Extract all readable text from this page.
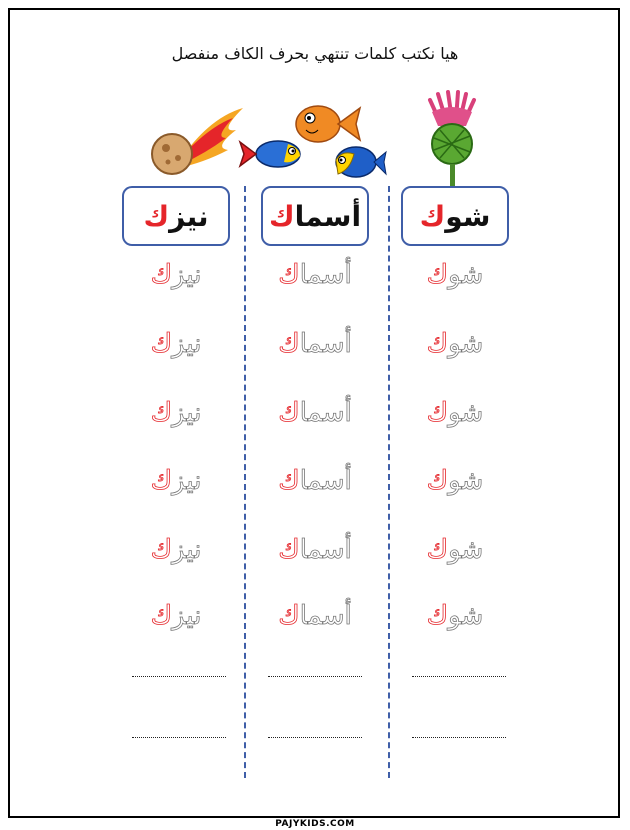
هيا نكتب كلمات تنتهي بحرف الكاف منفصل
شو
ك
شوك
شوك
شوك
شوك
شوك
شوك
أسما
ك
أسماك
أسماك
أسماك
أسماك
أسماك
أسماك
نيز
ك
نيزك
نيزك
نيزك
نيزك
نيزك
نيزك
PAJYKIDS.COM
